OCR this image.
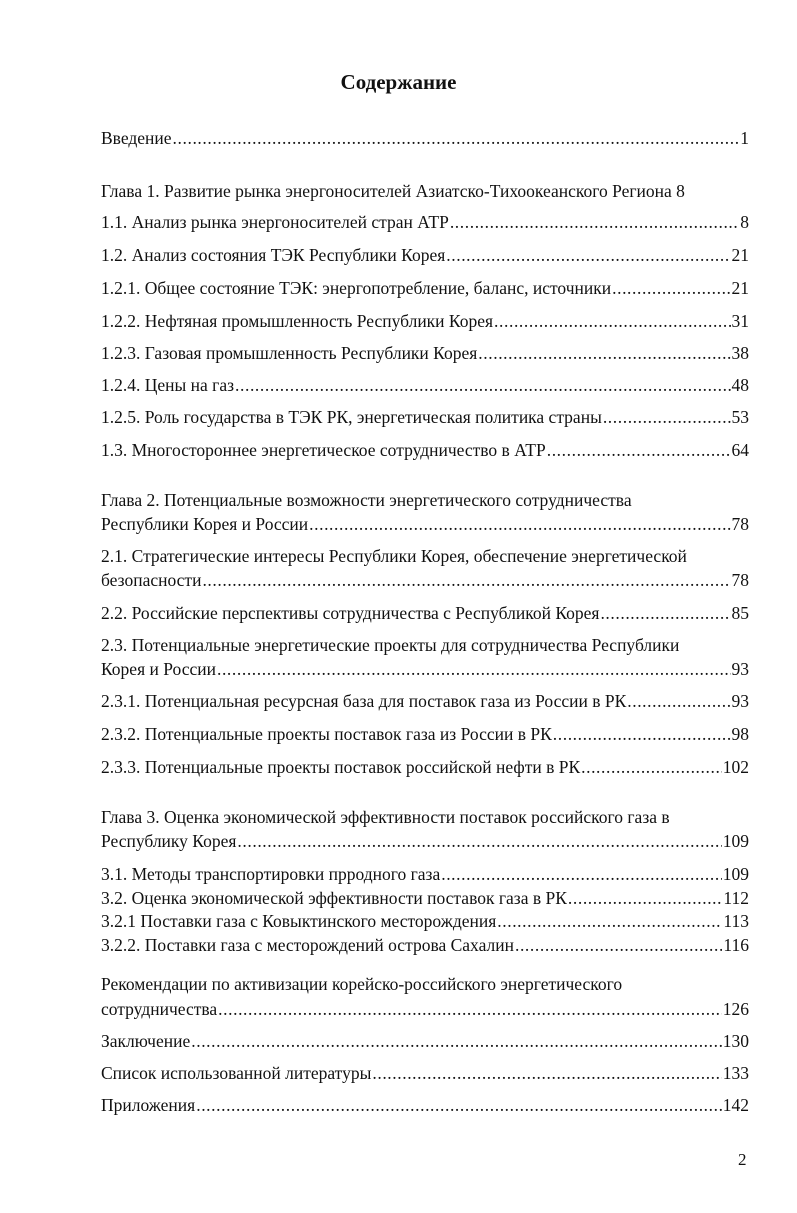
Содержание
Введение .....	1
Глава 1. Развитие рынка энергоносителей Азиатско-Тихоокеанского Региона 8
1.1. Анализ рынка энергоносителей стран АТР .....	8
1.2. Анализ состояния ТЭК Республики Корея .....	21
1.2.1. Общее состояние ТЭК: энергопотребление, баланс, источники .....	21
1.2.2. Нефтяная промышленность Республики Корея .....	31
1.2.3. Газовая промышленность Республики Корея .....	38
1.2.4. Цены на газ .....	48
1.2.5. Роль государства в ТЭК РК, энергетическая политика страны .....	53
1.3. Многостороннее энергетическое сотрудничество в АТР .....	64
Глава 2. Потенциальные возможности энергетического сотрудничества
Республики Корея и России .....	78
2.1. Стратегические интересы Республики Корея, обеспечение энергетической
безопасности .....	78
2.2. Российские перспективы сотрудничества с Республикой Корея .....	85
2.3. Потенциальные энергетические проекты для сотрудничества Республики
Корея и России .....	93
2.3.1. Потенциальная ресурсная база для поставок газа из России в РК .....	93
2.3.2. Потенциальные проекты поставок газа из России в РК .....	98
2.3.3. Потенциальные проекты поставок российской нефти в РК .....	102
Глава 3. Оценка экономической эффективности поставок российского газа в
Республику Корея .....	109
3.1. Методы транспортировки прродного газа .....	109
3.2. Оценка экономической эффективности поставок газа в РК .....	112
3.2.1 Поставки газа с Ковыктинского месторождения .....	113
3.2.2. Поставки газа с месторождений острова Сахалин .....	116
Рекомендации по активизации корейско-российского энергетического
сотрудничества .....	126
Заключение .....	130
Список использованной литературы .....	133
Приложения .....	142
2
